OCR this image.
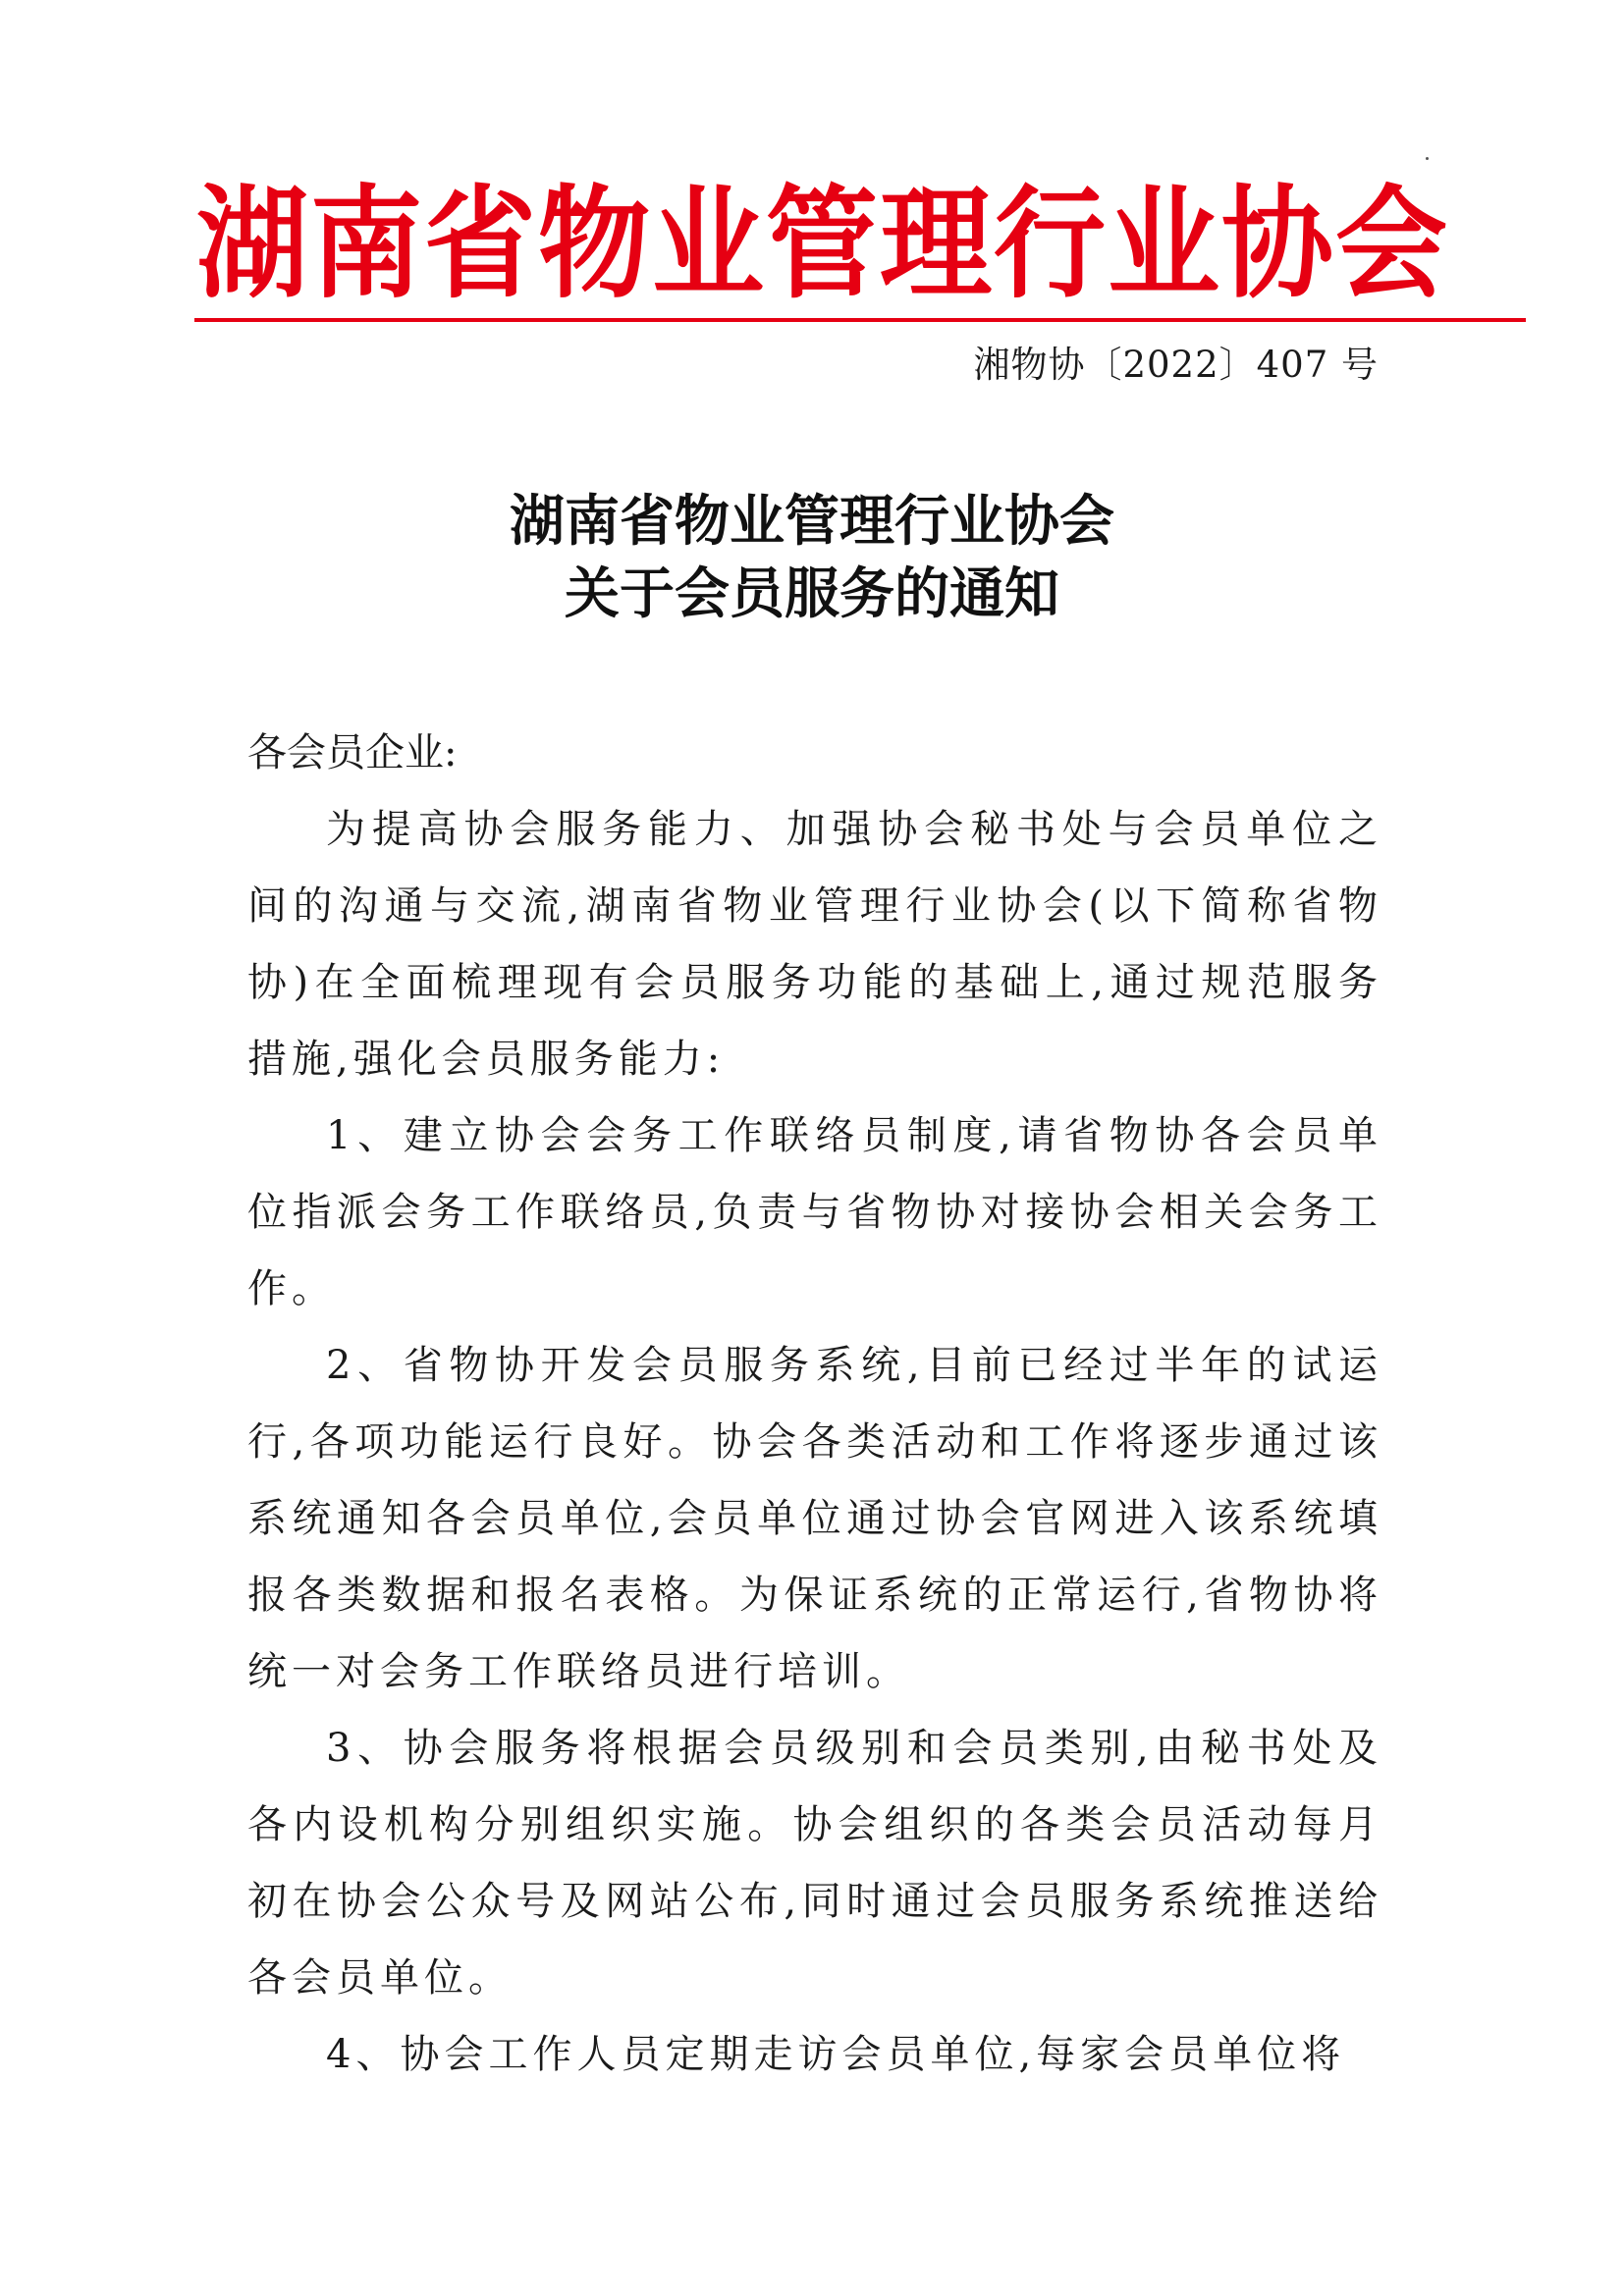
湖南省物业管理行业协会
湘物协〔2022〕407 号
湖南省物业管理行业协会
关于会员服务的通知

各会员企业:

为提高协会服务能力、加强协会秘书处与会员单位之间的沟通与交流,湖南省物业管理行业协会(以下简称省物协)在全面梳理现有会员服务功能的基础上,通过规范服务措施,强化会员服务能力:

1、建立协会会务工作联络员制度,请省物协各会员单位指派会务工作联络员,负责与省物协对接协会相关会务工作。

2、省物协开发会员服务系统,目前已经过半年的试运行,各项功能运行良好。协会各类活动和工作将逐步通过该系统通知各会员单位,会员单位通过协会官网进入该系统填报各类数据和报名表格。为保证系统的正常运行,省物协将统一对会务工作联络员进行培训。

3、协会服务将根据会员级别和会员类别,由秘书处及各内设机构分别组织实施。协会组织的各类会员活动每月初在协会公众号及网站公布,同时通过会员服务系统推送给各会员单位。

4、协会工作人员定期走访会员单位,每家会员单位将
